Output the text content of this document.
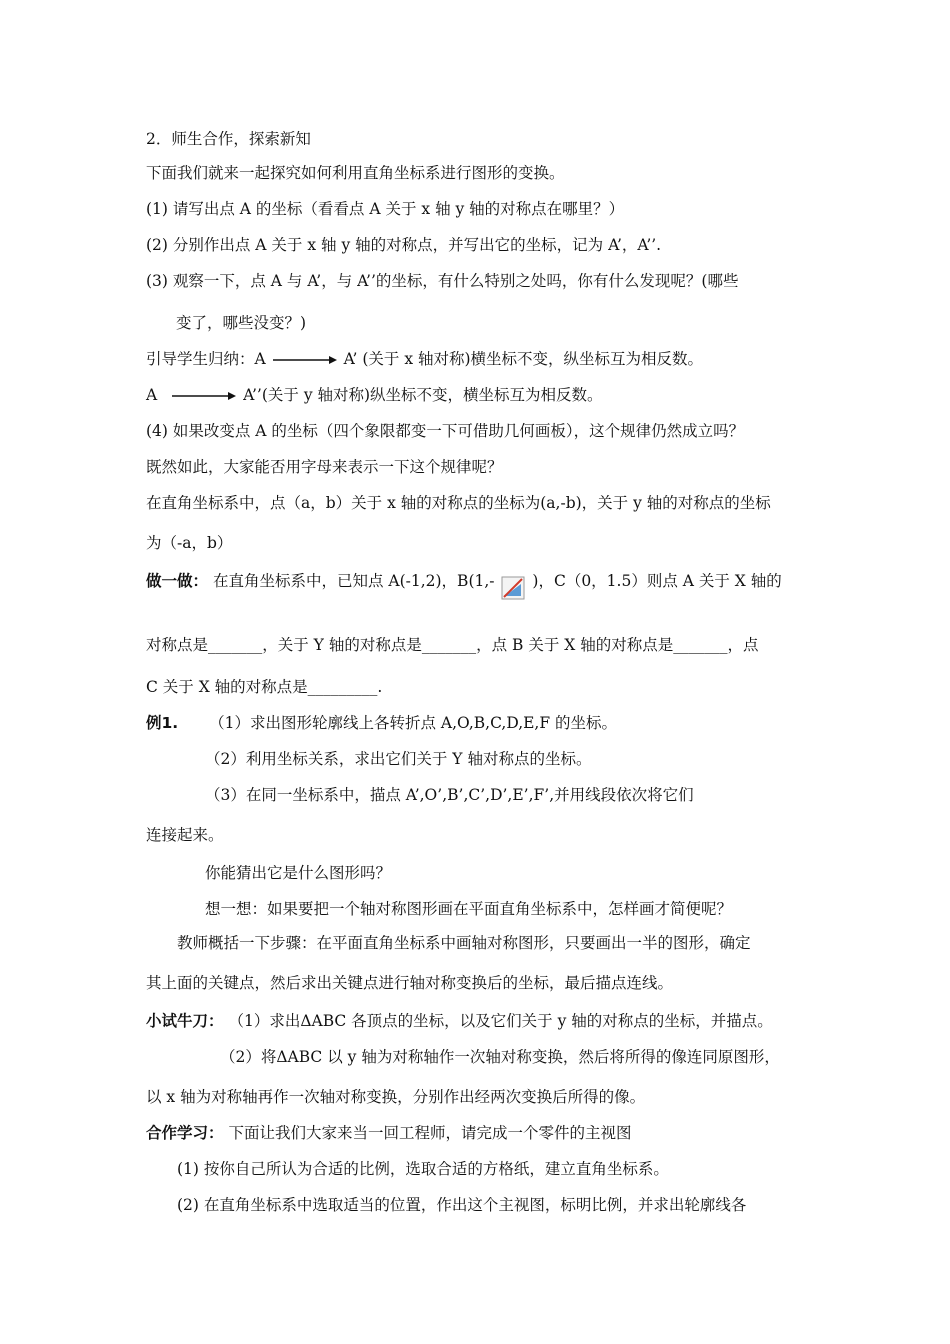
2．师生合作，探索新知
下面我们就来一起探究如何利用直角坐标系进行图形的变换。
(1) 请写出点 A 的坐标（看看点 A 关于 x 轴 y 轴的对称点在哪里？）
(2) 分别作出点 A 关于 x 轴 y 轴的对称点，并写出它的坐标，记为 A’，A’’.
(3) 观察一下，点 A 与 A’，与 A’’的坐标，有什么特别之处吗，你有什么发现呢？(哪些
变了，哪些没变？)
引导学生归纳：A	A’ (关于 x 轴对称)横坐标不变，纵坐标互为相反数。
A	A’’(关于 y 轴对称)纵坐标不变，横坐标互为相反数。
(4) 如果改变点 A 的坐标（四个象限都变一下可借助几何画板），这个规律仍然成立吗？
既然如此，大家能否用字母来表示一下这个规律呢？
在直角坐标系中，点（a，b）关于 x 轴的对称点的坐标为(a,-b)，关于 y 轴的对称点的坐标
为（-a，b）
做一做： 在直角坐标系中，已知点 A(-1,2)，B(1,- )，C（0，1.5）则点 A 关于 X 轴的
对称点是_______，关于 Y 轴的对称点是_______，点 B 关于 X 轴的对称点是_______，点
C 关于 X 轴的对称点是_________.
例1. （1）求出图形轮廓线上各转折点 A,O,B,C,D,E,F 的坐标。
（2）利用坐标关系，求出它们关于 Y 轴对称点的坐标。
（3）在同一坐标系中，描点 A’,O’,B’,C’,D’,E’,F’,并用线段依次将它们
连接起来。
你能猜出它是什么图形吗？
想一想：如果要把一个轴对称图形画在平面直角坐标系中，怎样画才简便呢？
教师概括一下步骤：在平面直角坐标系中画轴对称图形，只要画出一半的图形，确定
其上面的关键点，然后求出关键点进行轴对称变换后的坐标，最后描点连线。
小试牛刀： （1）求出ΔABC 各顶点的坐标，以及它们关于 y 轴的对称点的坐标，并描点。
（2）将ΔABC 以 y 轴为对称轴作一次轴对称变换，然后将所得的像连同原图形，
以 x 轴为对称轴再作一次轴对称变换，分别作出经两次变换后所得的像。
合作学习： 下面让我们大家来当一回工程师，请完成一个零件的主视图
(1) 按你自己所认为合适的比例，选取合适的方格纸，建立直角坐标系。
(2) 在直角坐标系中选取适当的位置，作出这个主视图，标明比例，并求出轮廓线各
